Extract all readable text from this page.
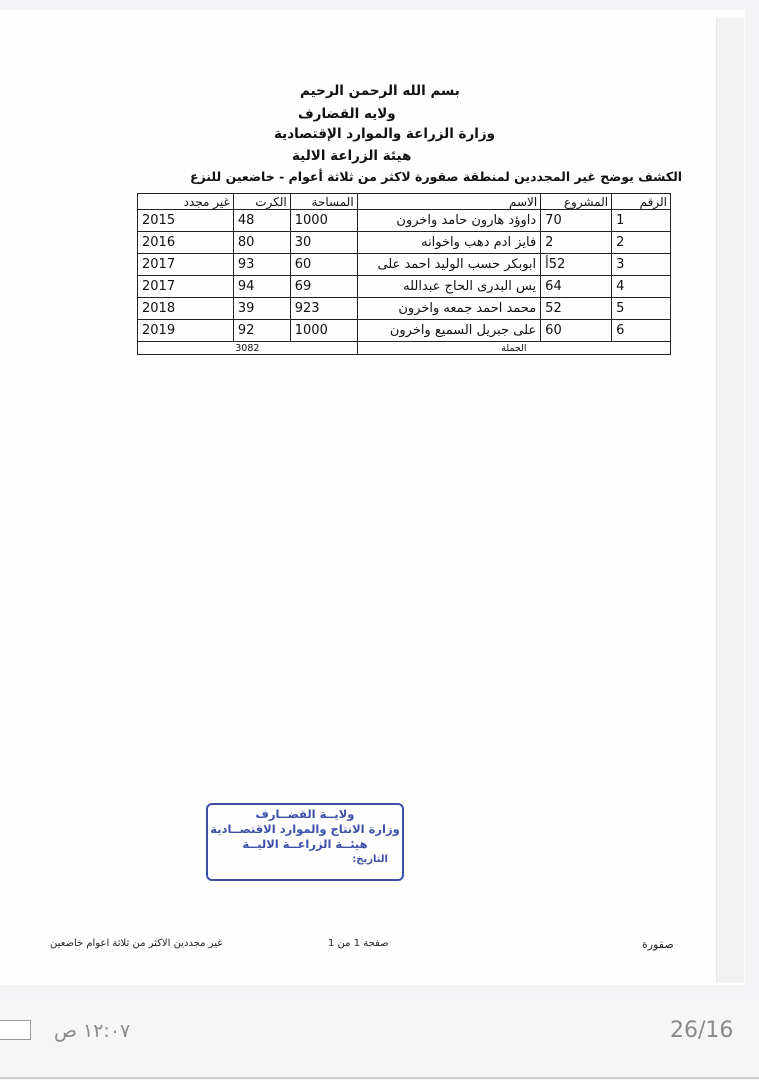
بسم الله الرحمن الرحيم
ولايه القضارف
وزارة الزراعة والموارد الإقتصادية
هيئة الزراعة الالية
الكشف يوضح غير المجددين لمنطقة صقورة لاكثر من ثلاثة أعوام - خاضعين للنزع
الرقم	المشروع	الاسم	المساحة	الكرت	غير مجدد
1	70	داوؤد هارون حامد واخرون	1000	48	2015
2	2	فايز ادم دهب واخوانه	30	80	2016
3	52أ	ابوبكر حسب الوليد احمد على	60	93	2017
4	64	يس البدرى الحاج عبدالله	69	94	2017
5	52	محمد احمد جمعه واخرون	923	39	2018
6	60	على جبريل السميع واخرون	1000	92	2019
الجملة			3082		
ولايــة القضــارف
وزارة الانتاج والموارد الاقتصــادية
هيئــة الزراعــة الاليــة
التاريخ:
غير مجددين الاكثر من ثلاثة اعوام خاضعين	صفحة 1 من 1	صقورة
١٢:٠٧ ص	26/16
